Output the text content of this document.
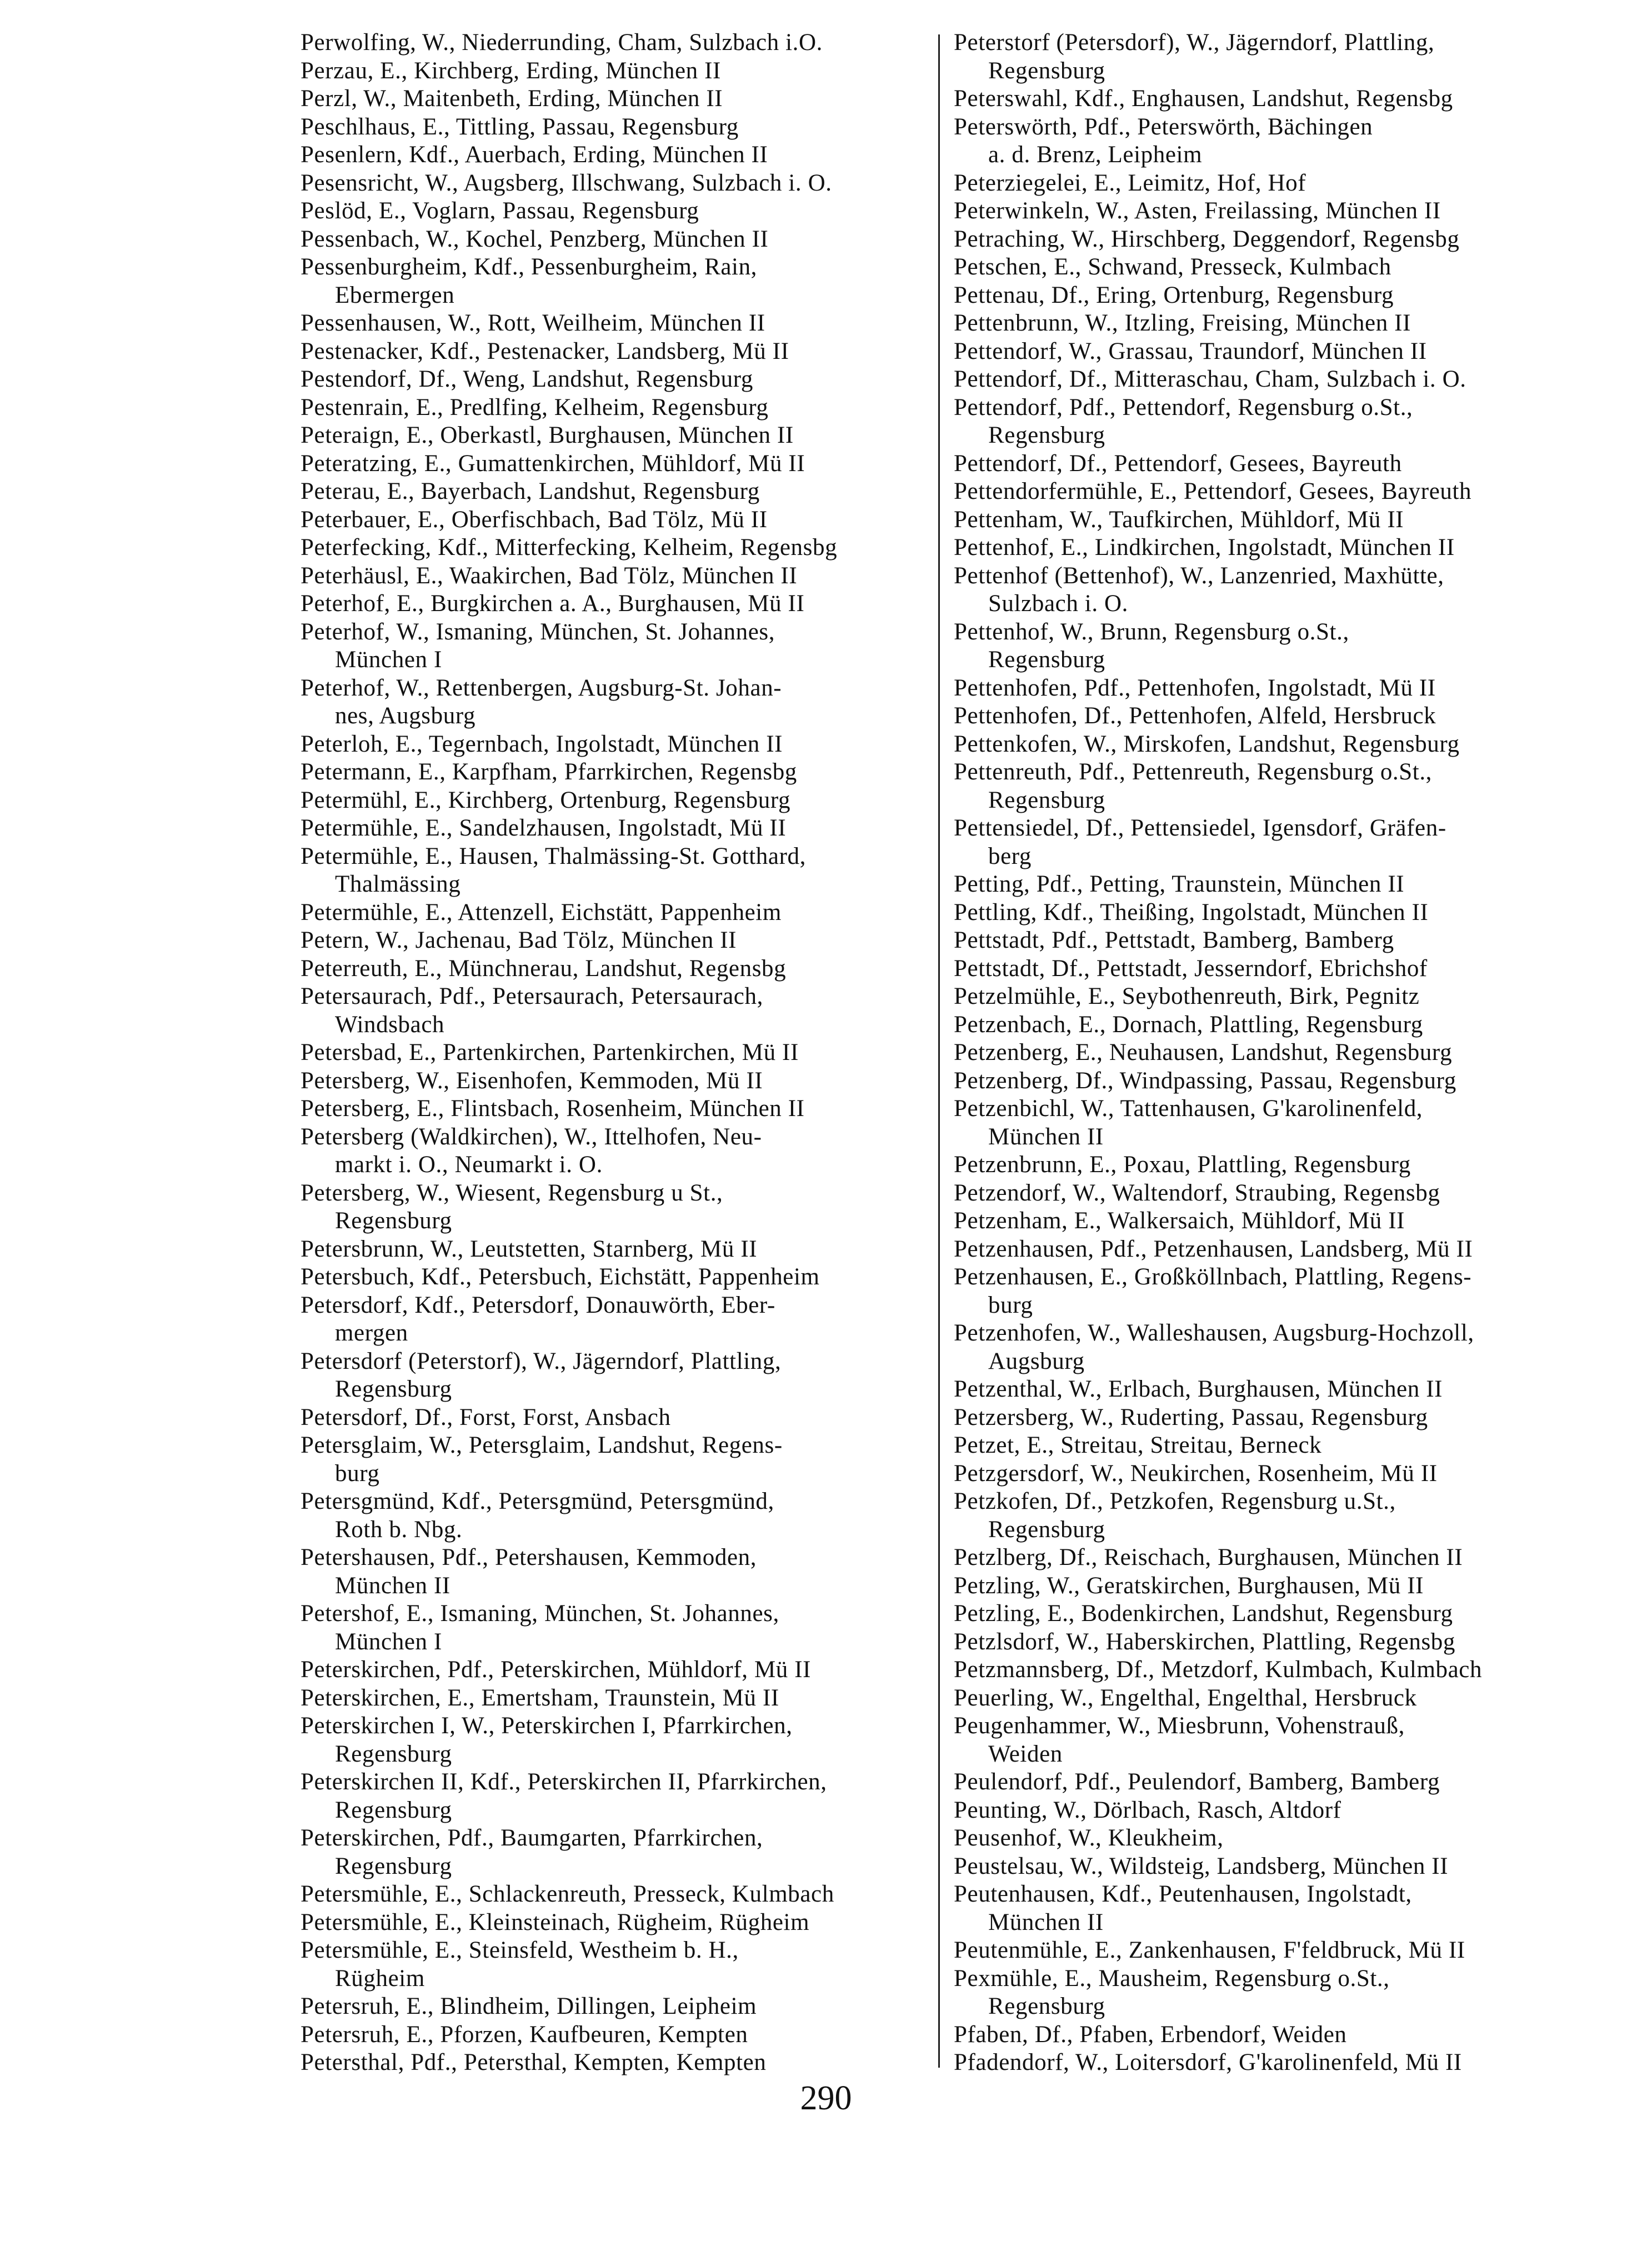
Perwolfing, W., Niederrunding, Cham, Sulzbach i.O.
Perzau, E., Kirchberg, Erding, München II
Perzl, W., Maitenbeth, Erding, München II
Peschlhaus, E., Tittling, Passau, Regensburg
Pesenlern, Kdf., Auerbach, Erding, München II
Pesensricht, W., Augsberg, Illschwang, Sulzbach i. O.
Peslöd, E., Voglarn, Passau, Regensburg
Pessenbach, W., Kochel, Penzberg, München II
Pessenburgheim, Kdf., Pessenburgheim, Rain,
Ebermergen
Pessenhausen, W., Rott, Weilheim, München II
Pestenacker, Kdf., Pestenacker, Landsberg, Mü II
Pestendorf, Df., Weng, Landshut, Regensburg
Pestenrain, E., Predlfing, Kelheim, Regensburg
Peteraign, E., Oberkastl, Burghausen, München II
Peteratzing, E., Gumattenkirchen, Mühldorf, Mü II
Peterau, E., Bayerbach, Landshut, Regensburg
Peterbauer, E., Oberfischbach, Bad Tölz, Mü II
Peterfecking, Kdf., Mitterfecking, Kelheim, Regensbg
Peterhäusl, E., Waakirchen, Bad Tölz, München II
Peterhof, E., Burgkirchen a. A., Burghausen, Mü II
Peterhof, W., Ismaning, München, St. Johannes,
München I
Peterhof, W., Rettenbergen, Augsburg-St. Johan-
nes, Augsburg
Peterloh, E., Tegernbach, Ingolstadt, München II
Petermann, E., Karpfham, Pfarrkirchen, Regensbg
Petermühl, E., Kirchberg, Ortenburg, Regensburg
Petermühle, E., Sandelzhausen, Ingolstadt, Mü II
Petermühle, E., Hausen, Thalmässing-St. Gotthard,
Thalmässing
Petermühle, E., Attenzell, Eichstätt, Pappenheim
Petern, W., Jachenau, Bad Tölz, München II
Peterreuth, E., Münchnerau, Landshut, Regensbg
Petersaurach, Pdf., Petersaurach, Petersaurach,
Windsbach
Petersbad, E., Partenkirchen, Partenkirchen, Mü II
Petersberg, W., Eisenhofen, Kemmoden, Mü II
Petersberg, E., Flintsbach, Rosenheim, München II
Petersberg (Waldkirchen), W., Ittelhofen, Neu-
markt i. O., Neumarkt i. O.
Petersberg, W., Wiesent, Regensburg u St.,
Regensburg
Petersbrunn, W., Leutstetten, Starnberg, Mü II
Petersbuch, Kdf., Petersbuch, Eichstätt, Pappenheim
Petersdorf, Kdf., Petersdorf, Donauwörth, Eber-
mergen
Petersdorf (Peterstorf), W., Jägerndorf, Plattling,
Regensburg
Petersdorf, Df., Forst, Forst, Ansbach
Petersglaim, W., Petersglaim, Landshut, Regens-
burg
Petersgmünd, Kdf., Petersgmünd, Petersgmünd,
Roth b. Nbg.
Petershausen, Pdf., Petershausen, Kemmoden,
München II
Petershof, E., Ismaning, München, St. Johannes,
München I
Peterskirchen, Pdf., Peterskirchen, Mühldorf, Mü II
Peterskirchen, E., Emertsham, Traunstein, Mü II
Peterskirchen I, W., Peterskirchen I, Pfarrkirchen,
Regensburg
Peterskirchen II, Kdf., Peterskirchen II, Pfarrkirchen,
Regensburg
Peterskirchen, Pdf., Baumgarten, Pfarrkirchen,
Regensburg
Petersmühle, E., Schlackenreuth, Presseck, Kulmbach
Petersmühle, E., Kleinsteinach, Rügheim, Rügheim
Petersmühle, E., Steinsfeld, Westheim b. H.,
Rügheim
Petersruh, E., Blindheim, Dillingen, Leipheim
Petersruh, E., Pforzen, Kaufbeuren, Kempten
Petersthal, Pdf., Petersthal, Kempten, Kempten
Peterstorf (Petersdorf), W., Jägerndorf, Plattling,
Regensburg
Peterswahl, Kdf., Enghausen, Landshut, Regensbg
Peterswörth, Pdf., Peterswörth, Bächingen
a. d. Brenz, Leipheim
Peterziegelei, E., Leimitz, Hof, Hof
Peterwinkeln, W., Asten, Freilassing, München II
Petraching, W., Hirschberg, Deggendorf, Regensbg
Petschen, E., Schwand, Presseck, Kulmbach
Pettenau, Df., Ering, Ortenburg, Regensburg
Pettenbrunn, W., Itzling, Freising, München II
Pettendorf, W., Grassau, Traundorf, München II
Pettendorf, Df., Mitteraschau, Cham, Sulzbach i. O.
Pettendorf, Pdf., Pettendorf, Regensburg o.St.,
Regensburg
Pettendorf, Df., Pettendorf, Gesees, Bayreuth
Pettendorfermühle, E., Pettendorf, Gesees, Bayreuth
Pettenham, W., Taufkirchen, Mühldorf, Mü II
Pettenhof, E., Lindkirchen, Ingolstadt, München II
Pettenhof (Bettenhof), W., Lanzenried, Maxhütte,
Sulzbach i. O.
Pettenhof, W., Brunn, Regensburg o.St.,
Regensburg
Pettenhofen, Pdf., Pettenhofen, Ingolstadt, Mü II
Pettenhofen, Df., Pettenhofen, Alfeld, Hersbruck
Pettenkofen, W., Mirskofen, Landshut, Regensburg
Pettenreuth, Pdf., Pettenreuth, Regensburg o.St.,
Regensburg
Pettensiedel, Df., Pettensiedel, Igensdorf, Gräfen-
berg
Petting, Pdf., Petting, Traunstein, München II
Pettling, Kdf., Theißing, Ingolstadt, München II
Pettstadt, Pdf., Pettstadt, Bamberg, Bamberg
Pettstadt, Df., Pettstadt, Jesserndorf, Ebrichshof
Petzelmühle, E., Seybothenreuth, Birk, Pegnitz
Petzenbach, E., Dornach, Plattling, Regensburg
Petzenberg, E., Neuhausen, Landshut, Regensburg
Petzenberg, Df., Windpassing, Passau, Regensburg
Petzenbichl, W., Tattenhausen, G'karolinenfeld,
München II
Petzenbrunn, E., Poxau, Plattling, Regensburg
Petzendorf, W., Waltendorf, Straubing, Regensbg
Petzenham, E., Walkersaich, Mühldorf, Mü II
Petzenhausen, Pdf., Petzenhausen, Landsberg, Mü II
Petzenhausen, E., Großköllnbach, Plattling, Regens-
burg
Petzenhofen, W., Walleshausen, Augsburg-Hochzoll,
Augsburg
Petzenthal, W., Erlbach, Burghausen, München II
Petzersberg, W., Ruderting, Passau, Regensburg
Petzet, E., Streitau, Streitau, Berneck
Petzgersdorf, W., Neukirchen, Rosenheim, Mü II
Petzkofen, Df., Petzkofen, Regensburg u.St.,
Regensburg
Petzlberg, Df., Reischach, Burghausen, München II
Petzling, W., Geratskirchen, Burghausen, Mü II
Petzling, E., Bodenkirchen, Landshut, Regensburg
Petzlsdorf, W., Haberskirchen, Plattling, Regensbg
Petzmannsberg, Df., Metzdorf, Kulmbach, Kulmbach
Peuerling, W., Engelthal, Engelthal, Hersbruck
Peugenhammer, W., Miesbrunn, Vohenstrauß,
Weiden
Peulendorf, Pdf., Peulendorf, Bamberg, Bamberg
Peunting, W., Dörlbach, Rasch, Altdorf
Peusenhof, W., Kleukheim,
Peustelsau, W., Wildsteig, Landsberg, München II
Peutenhausen, Kdf., Peutenhausen, Ingolstadt,
München II
Peutenmühle, E., Zankenhausen, F'feldbruck, Mü II
Pexmühle, E., Mausheim, Regensburg o.St.,
Regensburg
Pfaben, Df., Pfaben, Erbendorf, Weiden
Pfadendorf, W., Loitersdorf, G'karolinenfeld, Mü II
290
